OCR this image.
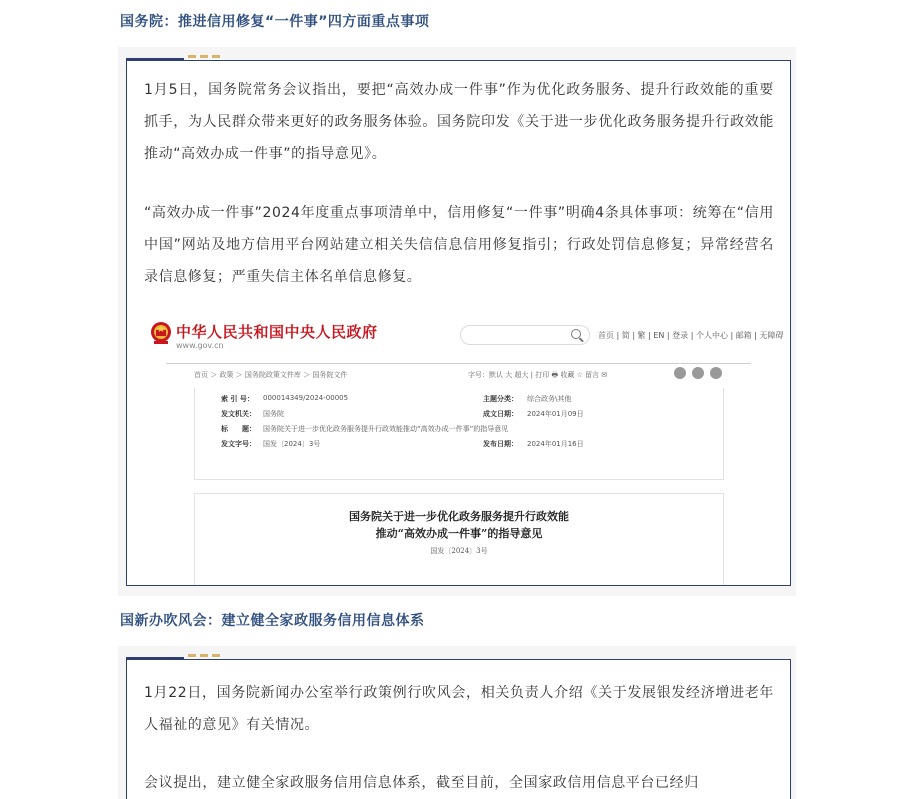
国务院：推进信用修复“一件事”四方面重点事项
1月5日，国务院常务会议指出，要把“高效办成一件事”作为优化政务服务、提升行政效能的重要抓手，为人民群众带来更好的政务服务体验。国务院印发《关于进一步优化政务服务提升行政效能推动“高效办成一件事”的指导意见》。
“高效办成一件事”2024年度重点事项清单中，信用修复“一件事”明确4条具体事项：统筹在“信用中国”网站及地方信用平台网站建立相关失信信息信用修复指引；行政处罚信息修复；异常经营名录信息修复；严重失信主体名单信息修复。
中华人民共和国中央人民政府
www.gov.cn
首页 | 简 | 繁 | EN | 登录 | 个人中心 | 邮箱 | 无障碍
首页 ＞ 政策 ＞ 国务院政策文件库 ＞ 国务院文件	字号：默认 大 超大 | 打印 🖶 收藏 ☆ 留言 ✉
索 引 号： 000014349/2024-00005	主题分类： 综合政务\其他
发文机关： 国务院	成文日期： 2024年01月09日
标　　题： 国务院关于进一步优化政务服务提升行政效能推动“高效办成一件事”的指导意见
发文字号： 国发〔2024〕3号	发布日期： 2024年01月16日
国务院关于进一步优化政务服务提升行政效能
推动“高效办成一件事”的指导意见
国发〔2024〕3号
国新办吹风会：建立健全家政服务信用信息体系
1月22日，国务院新闻办公室举行政策例行吹风会，相关负责人介绍《关于发展银发经济增进老年人福祉的意见》有关情况。
会议提出，建立健全家政服务信用信息体系，截至目前，全国家政信用信息平台已经归
